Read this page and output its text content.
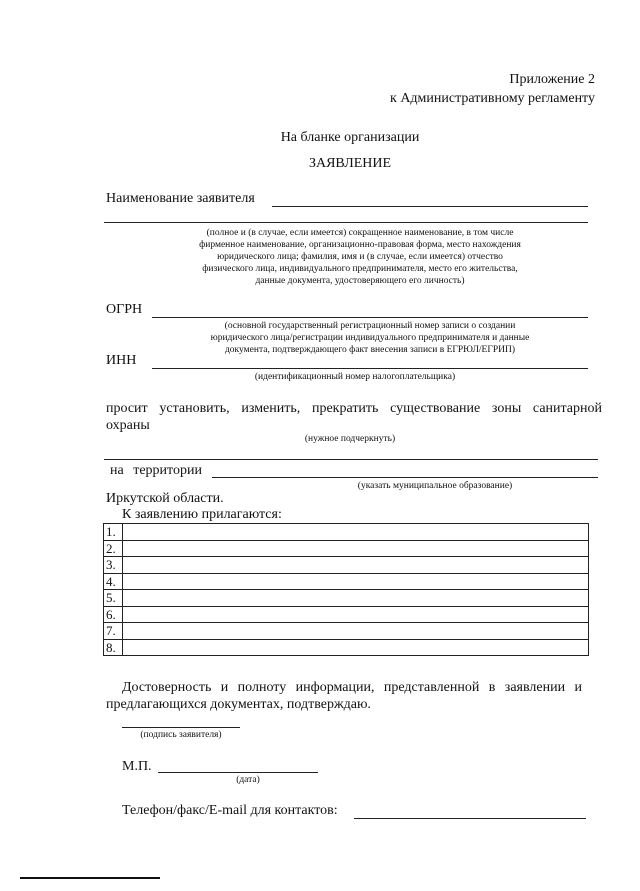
Приложение 2
к Административному регламенту
На бланке организации
ЗАЯВЛЕНИЕ
Наименование заявителя
(полное и (в случае, если имеется) сокращенное наименование, в том числе
фирменное наименование, организационно-правовая форма, место нахождения
юридического лица; фамилия, имя и (в случае, если имеется) отчество
физического лица, индивидуального предпринимателя, место его жительства,
данные документа, удостоверяющего его личность)
ОГРН
(основной государственный регистрационный номер записи о создании
юридического лица/регистрации индивидуального предпринимателя и данные
документа, подтверждающего факт внесения записи в ЕГРЮЛ/ЕГРИП)
ИНН
(идентификационный номер налогоплательщика)
просит установить, изменить, прекратить существование зоны санитарной
охраны
(нужное подчеркнуть)
на территории
(указать муниципальное образование)
Иркутской области.
К заявлению прилагаются:
1.	
2.	
3.	
4.	
5.	
6.	
7.	
8.	
Достоверность и полноту информации, представленной в заявлении и
предлагающихся документах, подтверждаю.
(подпись заявителя)
М.П.
(дата)
Телефон/факс/E-mail для контактов:
